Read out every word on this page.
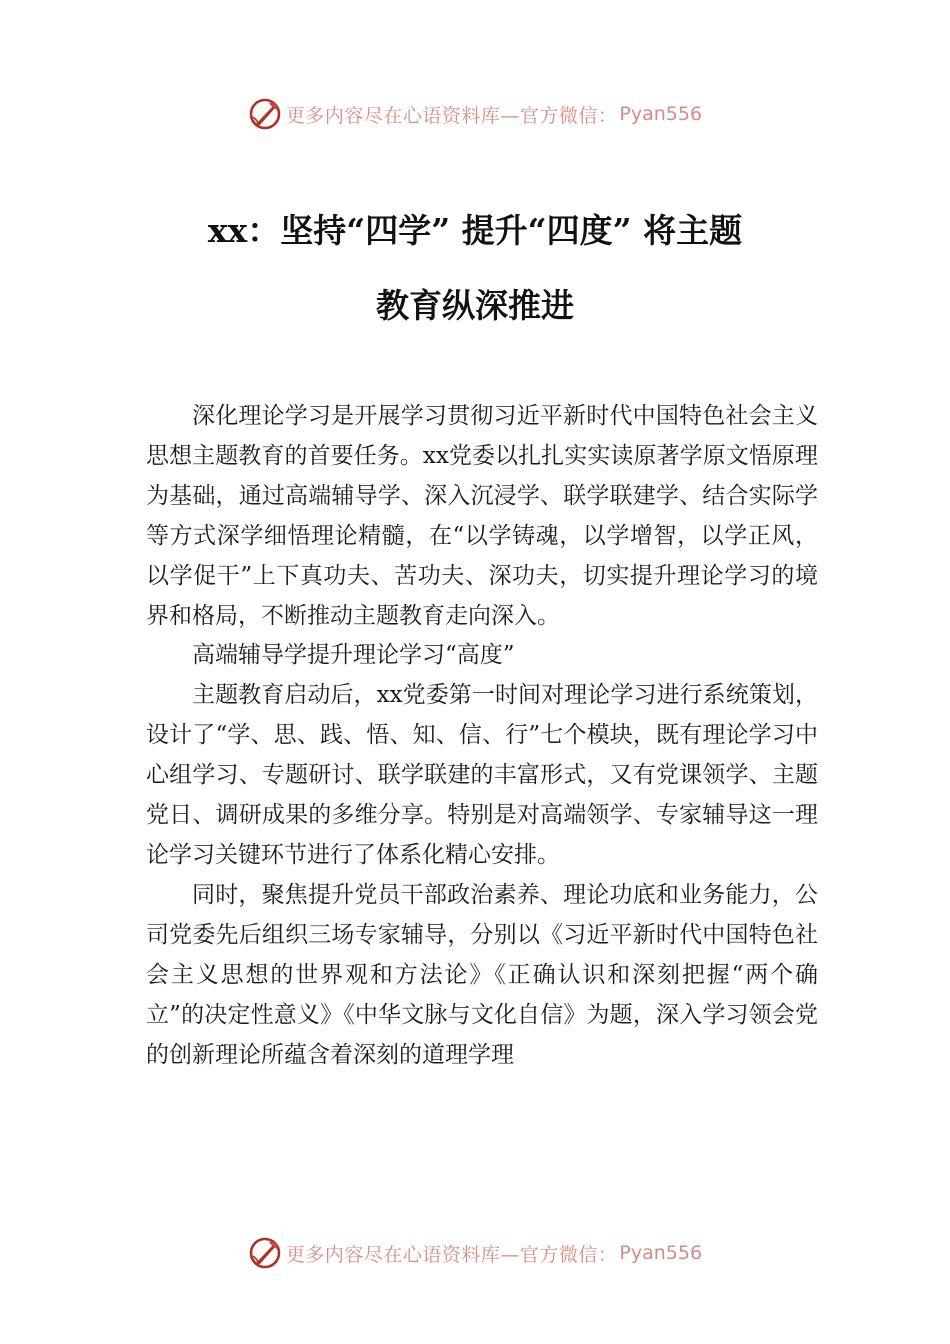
更多内容尽在心语资料库—官方微信： Pyan556
xx：坚持“四学” 提升“四度” 将主题
教育纵深推进

深化理论学习是开展学习贯彻习近平新时代中国特色社会主义思想主题教育的首要任务。xx党委以扎扎实实读原著学原文悟原理为基础，通过高端辅导学、深入沉浸学、联学联建学、结合实际学等方式深学细悟理论精髓，在“以学铸魂，以学增智，以学正风，以学促干”上下真功夫、苦功夫、深功夫，切实提升理论学习的境界和格局，不断推动主题教育走向深入。

高端辅导学提升理论学习“高度”

主题教育启动后，xx党委第一时间对理论学习进行系统策划，设计了“学、思、践、悟、知、信、行”七个模块，既有理论学习中心组学习、专题研讨、联学联建的丰富形式，又有党课领学、主题党日、调研成果的多维分享。特别是对高端领学、专家辅导这一理论学习关键环节进行了体系化精心安排。

同时，聚焦提升党员干部政治素养、理论功底和业务能力，公司党委先后组织三场专家辅导，分别以《习近平新时代中国特色社会主义思想的世界观和方法论》《正确认识和深刻把握“两个确立”的决定性意义》《中华文脉与文化自信》为题，深入学习领会党的创新理论所蕴含着深刻的道理学理

更多内容尽在心语资料库—官方微信： Pyan556
